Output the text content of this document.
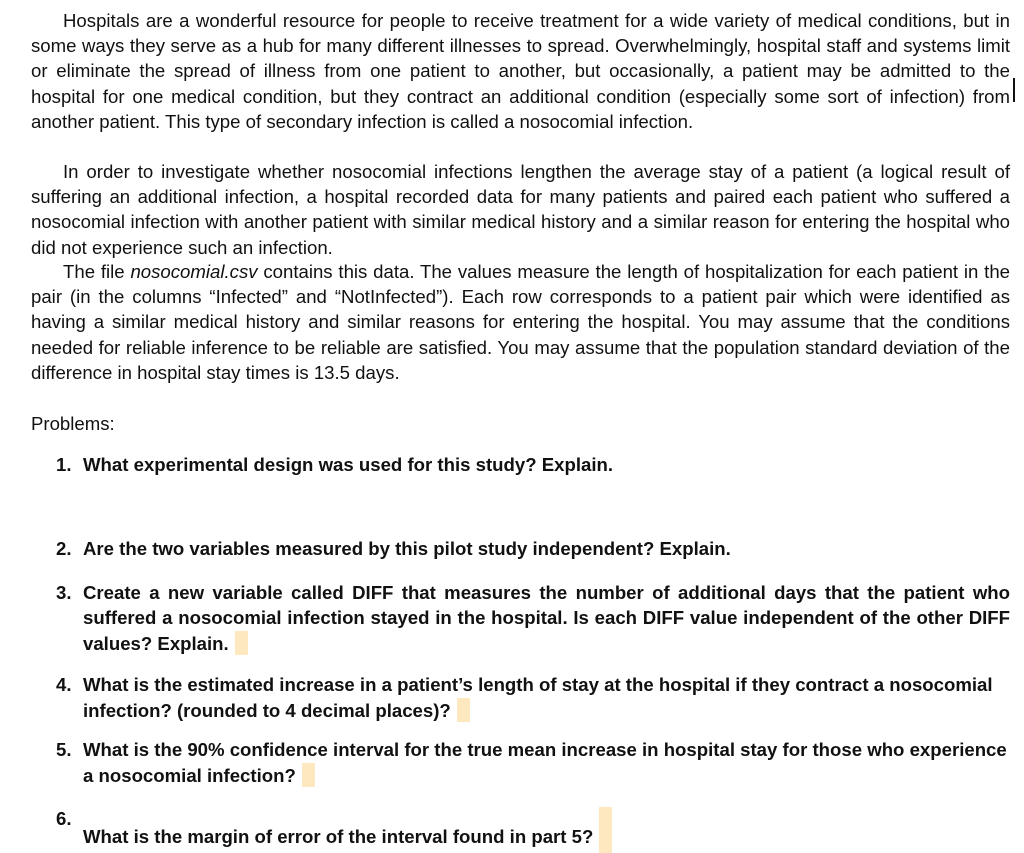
Hospitals are a wonderful resource for people to receive treatment for a wide variety of medical conditions, but in some ways they serve as a hub for many different illnesses to spread. Overwhelmingly, hospital staff and systems limit or eliminate the spread of illness from one patient to another, but occasionally, a patient may be admitted to the hospital for one medical condition, but they contract an additional condition (especially some sort of infection) from another patient. This type of secondary infection is called a nosocomial infection.

In order to investigate whether nosocomial infections lengthen the average stay of a patient (a logical result of suffering an additional infection, a hospital recorded data for many patients and paired each patient who suffered a nosocomial infection with another patient with similar medical history and a similar reason for entering the hospital who did not experience such an infection.

The file nosocomial.csv contains this data. The values measure the length of hospitalization for each patient in the pair (in the columns “Infected” and “NotInfected”). Each row corresponds to a patient pair which were identified as having a similar medical history and similar reasons for entering the hospital. You may assume that the conditions needed for reliable inference to be reliable are satisfied. You may assume that the population standard deviation of the difference in hospital stay times is 13.5 days.

Problems:

1. What experimental design was used for this study? Explain.
2. Are the two variables measured by this pilot study independent? Explain.
3. Create a new variable called DIFF that measures the number of additional days that the patient who suffered a nosocomial infection stayed in the hospital. Is each DIFF value independent of the other DIFF values? Explain.
4. What is the estimated increase in a patient’s length of stay at the hospital if they contract a nosocomial infection? (rounded to 4 decimal places)?
5. What is the 90% confidence interval for the true mean increase in hospital stay for those who experience a nosocomial infection?
6.
What is the margin of error of the interval found in part 5?
